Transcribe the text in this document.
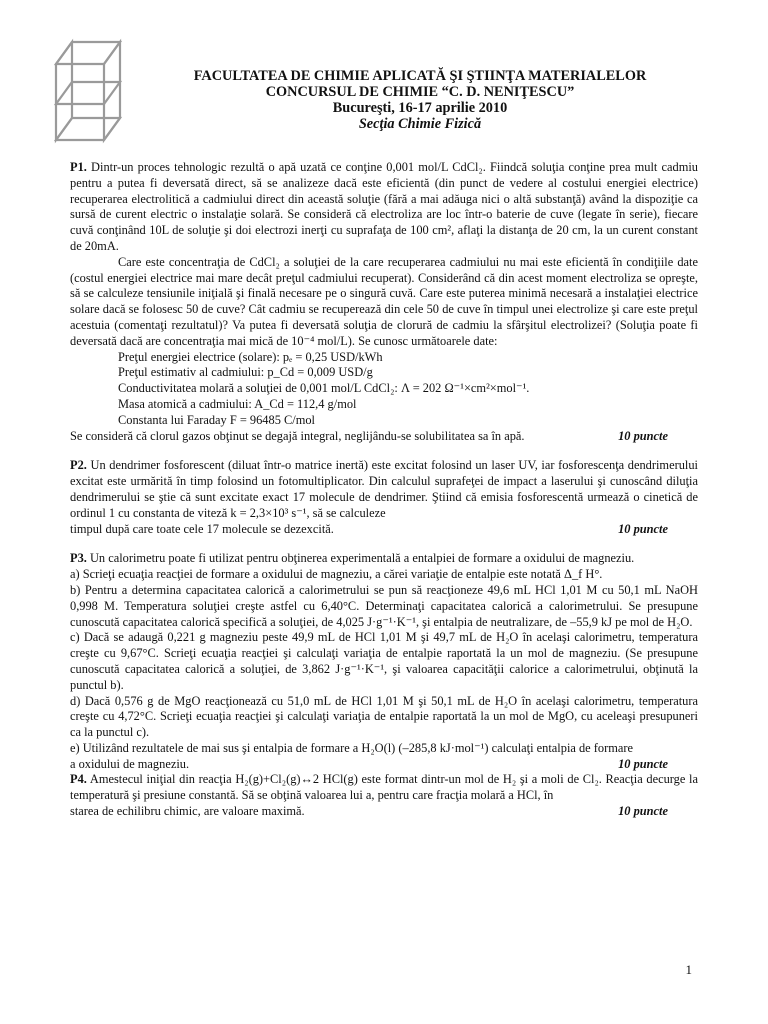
FACULTATEA DE CHIMIE APLICATĂ ŞI ŞTIINŢA MATERIALELOR
CONCURSUL DE CHIMIE “C. D. NENIŢESCU”
Bucureşti, 16-17 aprilie 2010
Secţia Chimie Fizică

P1. Dintr-un proces tehnologic rezultă o apă uzată ce conţine 0,001 mol/L CdCl₂. Fiindcă soluţia conţine prea mult cadmiu pentru a putea fi deversată direct, să se analizeze dacă este eficientă (din punct de vedere al costului energiei electrice) recuperarea electrolitică a cadmiului direct din această soluţie (fără a mai adăuga nici o altă substanţă) având la dispoziţie ca sursă de curent electric o instalaţie solară. Se consideră că electroliza are loc într-o baterie de cuve (legate în serie), fiecare cuvă conţinând 10L de soluţie şi doi electrozi inerţi cu suprafaţa de 100 cm², aflaţi la distanţa de 20 cm, la un curent constant de 20mA.

Care este concentraţia de CdCl₂ a soluţiei de la care recuperarea cadmiului nu mai este eficientă în condiţiile date (costul energiei electrice mai mare decât preţul cadmiului recuperat). Considerând că din acest moment electroliza se opreşte, să se calculeze tensiunile iniţială şi finală necesare pe o singură cuvă. Care este puterea minimă necesară a instalaţiei electrice solare dacă se folosesc 50 de cuve? Cât cadmiu se recuperează din cele 50 de cuve în timpul unei electrolize şi care este preţul acestuia (comentaţi rezultatul)? Va putea fi deversată soluţia de clorură de cadmiu la sfârşitul electrolizei? (Soluţia poate fi deversată dacă are concentraţia mai mică de 10⁻⁴ mol/L). Se cunosc următoarele date:

Preţul energiei electrice (solare): pₑ = 0,25 USD/kWh
Preţul estimativ al cadmiului: p_Cd = 0,009 USD/g
Conductivitatea molară a soluţiei de 0,001 mol/L CdCl₂: Λ = 202 Ω⁻¹×cm²×mol⁻¹.
Masa atomică a cadmiului: A_Cd = 112,4 g/mol
Constanta lui Faraday F = 96485 C/mol
Se consideră că clorul gazos obţinut se degajă integral, neglijându-se solubilitatea sa în apă.	10 puncte

P2. Un dendrimer fosforescent (diluat într-o matrice inertă) este excitat folosind un laser UV, iar fosforescenţa dendrimerului excitat este urmărită în timp folosind un fotomultiplicator. Din calculul suprafeţei de impact a laserului şi cunoscând diluţia dendrimerului se ştie că sunt excitate exact 17 molecule de dendrimer. Ştiind că emisia fosforescentă urmează o cinetică de ordinul 1 cu constanta de viteză k = 2,3×10³ s⁻¹, să se calculeze

timpul după care toate cele 17 molecule se dezexcită.	10 puncte

P3. Un calorimetru poate fi utilizat pentru obţinerea experimentală a entalpiei de formare a oxidului de magneziu.

a) Scrieţi ecuaţia reacţiei de formare a oxidului de magneziu, a cărei variaţie de entalpie este notată Δ_f H°.

b) Pentru a determina capacitatea calorică a calorimetrului se pun să reacţioneze 49,6 mL HCl 1,01 M cu 50,1 mL NaOH 0,998 M. Temperatura soluţiei creşte astfel cu 6,40°C. Determinaţi capacitatea calorică a calorimetrului. Se presupune cunoscută capacitatea calorică specifică a soluţiei, de 4,025 J·g⁻¹·K⁻¹, şi entalpia de neutralizare, de –55,9 kJ pe mol de H₂O.

c) Dacă se adaugă 0,221 g magneziu peste 49,9 mL de HCl 1,01 M şi 49,7 mL de H₂O în acelaşi calorimetru, temperatura creşte cu 9,67°C. Scrieţi ecuaţia reacţiei şi calculaţi variaţia de entalpie raportată la un mol de magneziu. (Se presupune cunoscută capacitatea calorică a soluţiei, de 3,862 J·g⁻¹·K⁻¹, şi valoarea capacităţii calorice a calorimetrului, obţinută la punctul b).

d) Dacă 0,576 g de MgO reacţionează cu 51,0 mL de HCl 1,01 M şi 50,1 mL de H₂O în acelaşi calorimetru, temperatura creşte cu 4,72°C. Scrieţi ecuaţia reacţiei şi calculaţi variaţia de entalpie raportată la un mol de MgO, cu aceleaşi presupuneri ca la punctul c).

e) Utilizând rezultatele de mai sus şi entalpia de formare a H₂O(l) (–285,8 kJ·mol⁻¹) calculaţi entalpia de formare

a oxidului de magneziu.	10 puncte

P4. Amestecul iniţial din reacţia H₂(g)+Cl₂(g)↔2 HCl(g) este format dintr-un mol de H₂ şi a moli de Cl₂. Reacţia decurge la temperatură şi presiune constantă. Să se obţină valoarea lui a, pentru care fracţia molară a HCl, în

starea de echilibru chimic, are valoare maximă.	10 puncte
1
